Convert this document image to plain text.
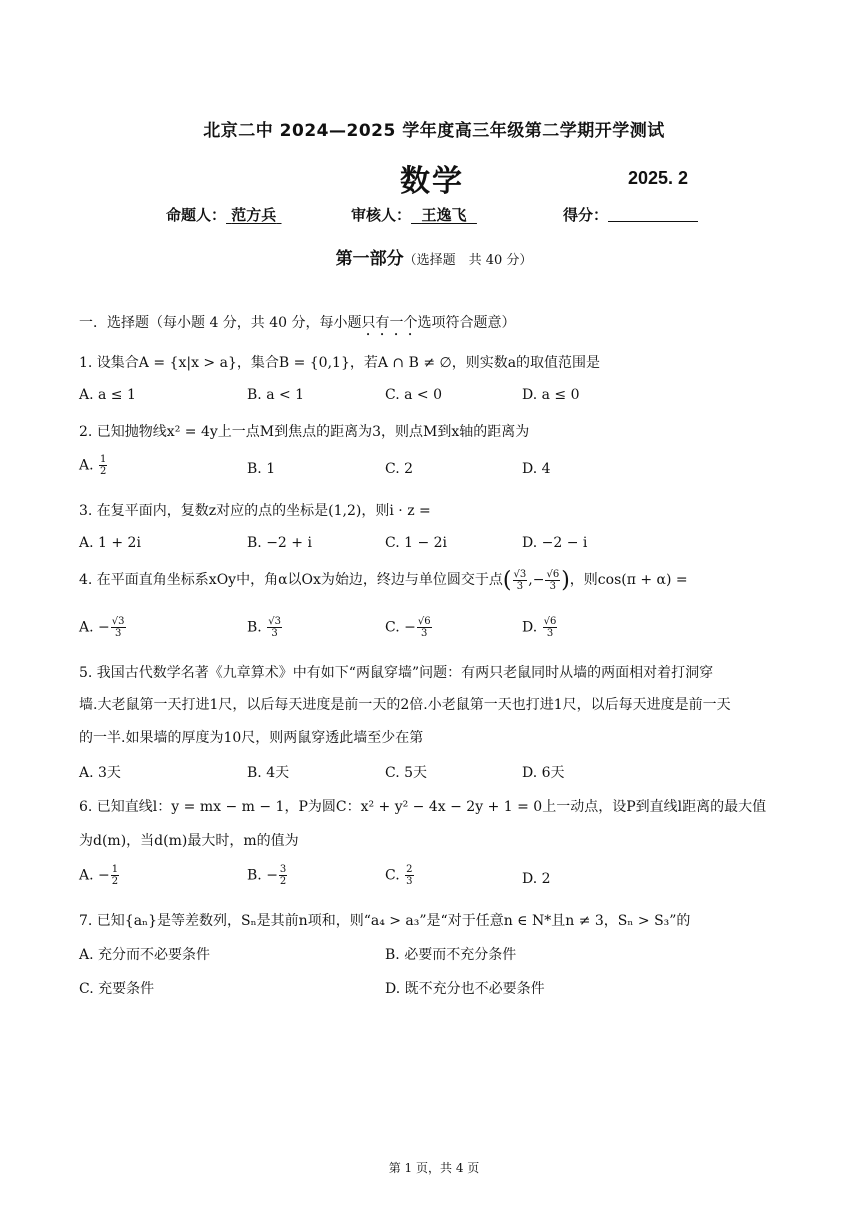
北京二中 2024—2025 学年度高三年级第二学期开学测试
数学	2025. 2
命题人： 范方兵	审核人： 王逸飞	得分：
第一部分（选择题　共 40 分）
一．选择题（每小题 4 分，共 40 分，每小题只有一个选项符合题意）
1. 设集合A = {x|x > a}，集合B = {0,1}，若A ∩ B ≠ ∅，则实数a的取值范围是
A. a ≤ 1	B. a < 1	C. a < 0	D. a ≤ 0
2. 已知抛物线x² = 4y上一点M到焦点的距离为3，则点M到x轴的距离为
A. $\frac{1}{2}$	B. 1	C. 2	D. 4
3. 在复平面内，复数z对应的点的坐标是(1,2)，则i · z =
A. 1 + 2i	B. −2 + i	C. 1 − 2i	D. −2 − i
4. 在平面直角坐标系xOy中，角α以Ox为始边，终边与单位圆交于点( $\frac{√3}{3}$ ,− $\frac{√6}{3}$ )，则cos(π + α) =
A. − $\frac{√3}{3}$	B. $\frac{√3}{3}$	C. − $\frac{√6}{3}$	D. $\frac{√6}{3}$
5. 我国古代数学名著《九章算术》中有如下“两鼠穿墙”问题：有两只老鼠同时从墙的两面相对着打洞穿
墙.大老鼠第一天打进1尺，以后每天进度是前一天的2倍.小老鼠第一天也打进1尺，以后每天进度是前一天
的一半.如果墙的厚度为10尺，则两鼠穿透此墙至少在第
A. 3天	B. 4天	C. 5天	D. 6天
6. 已知直线l：y = mx − m − 1，P为圆C：x² + y² − 4x − 2y + 1 = 0上一动点，设P到直线l距离的最大值
为d(m)，当d(m)最大时，m的值为
A. − $\frac{1}{2}$	B. − $\frac{3}{2}$	C. $\frac{2}{3}$	D. 2
7. 已知{aₙ}是等差数列，Sₙ是其前n项和，则“a₄ > a₃”是“对于任意n ∈ N*且n ≠ 3，Sₙ > S₃”的
A. 充分而不必要条件	B. 必要而不充分条件
C. 充要条件	D. 既不充分也不必要条件
第 1 页，共 4 页
